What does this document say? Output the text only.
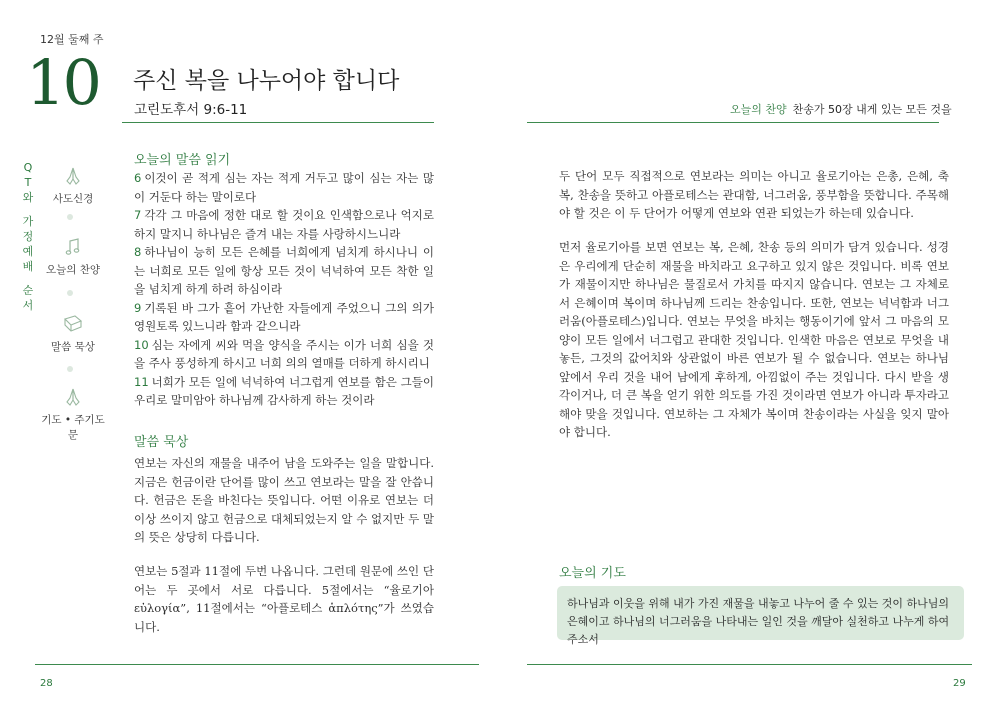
12월 둘째 주
10 주신 복을 나누어야 합니다
고린도후서 9:6-11	오늘의 찬양 찬송가 50장 내게 있는 모든 것을
Q
T
와
가
정
예
배
순
서
사도신경
오늘의 찬양
말씀 묵상
기도 • 주기도문
오늘의 말씀 읽기
6 이것이 곧 적게 심는 자는 적게 거두고 많이 심는 자는 많이 거둔다 하는 말이로다
7 각각 그 마음에 정한 대로 할 것이요 인색함으로나 억지로 하지 말지니 하나님은 즐겨 내는 자를 사랑하시느니라
8 하나님이 능히 모든 은혜를 너희에게 넘치게 하시나니 이는 너희로 모든 일에 항상 모든 것이 넉넉하여 모든 착한 일을 넘치게 하게 하려 하심이라
9 기록된 바 그가 흩어 가난한 자들에게 주었으니 그의 의가 영원토록 있느니라 함과 같으니라
10 심는 자에게 씨와 먹을 양식을 주시는 이가 너희 심을 것을 주사 풍성하게 하시고 너희 의의 열매를 더하게 하시리니
11 너희가 모든 일에 넉넉하여 너그럽게 연보를 함은 그들이 우리로 말미암아 하나님께 감사하게 하는 것이라
말씀 묵상
연보는 자신의 재물을 내주어 남을 도와주는 일을 말합니다. 지금은 헌금이란 단어를 많이 쓰고 연보라는 말을 잘 안씁니다. 헌금은 돈을 바친다는 뜻입니다. 어떤 이유로 연보는 더 이상 쓰이지 않고 헌금으로 대체되었는지 알 수 없지만 두 말의 뜻은 상당히 다릅니다.
연보는 5절과 11절에 두번 나옵니다. 그런데 원문에 쓰인 단어는 두 곳에서 서로 다릅니다. 5절에서는 “율로기아 εὐλογία”, 11절에서는 “아플로테스 ἁπλότης”가 쓰였습니다.
두 단어 모두 직접적으로 연보라는 의미는 아니고 율로기아는 은총, 은혜, 축복, 찬송을 뜻하고 아플로테스는 관대함, 너그러움, 풍부함을 뜻합니다. 주목해야 할 것은 이 두 단어가 어떻게 연보와 연관 되었는가 하는데 있습니다.
먼저 율로기아를 보면 연보는 복, 은혜, 찬송 등의 의미가 담겨 있습니다. 성경은 우리에게 단순히 재물을 바치라고 요구하고 있지 않은 것입니다. 비록 연보가 재물이지만 하나님은 물질로서 가치를 따지지 않습니다. 연보는 그 자체로서 은혜이며 복이며 하나님께 드리는 찬송입니다. 또한, 연보는 넉넉함과 너그러움(아플로테스)입니다. 연보는 무엇을 바치는 행동이기에 앞서 그 마음의 모양이 모든 일에서 너그럽고 관대한 것입니다. 인색한 마음은 연보로 무엇을 내놓든, 그것의 값어치와 상관없이 바른 연보가 될 수 없습니다. 연보는 하나님 앞에서 우리 것을 내어 남에게 후하게, 아낌없이 주는 것입니다. 다시 받을 생각이거나, 더 큰 복을 얻기 위한 의도를 가진 것이라면 연보가 아니라 투자라고 해야 맞을 것입니다. 연보하는 그 자체가 복이며 찬송이라는 사실을 잊지 말아야 합니다.
오늘의 기도
하나님과 이웃을 위해 내가 가진 재물을 내놓고 나누어 줄 수 있는 것이 하나님의 은혜이고 하나님의 너그러움을 나타내는 일인 것을 깨달아 실천하고 나누게 하여 주소서
28	29
